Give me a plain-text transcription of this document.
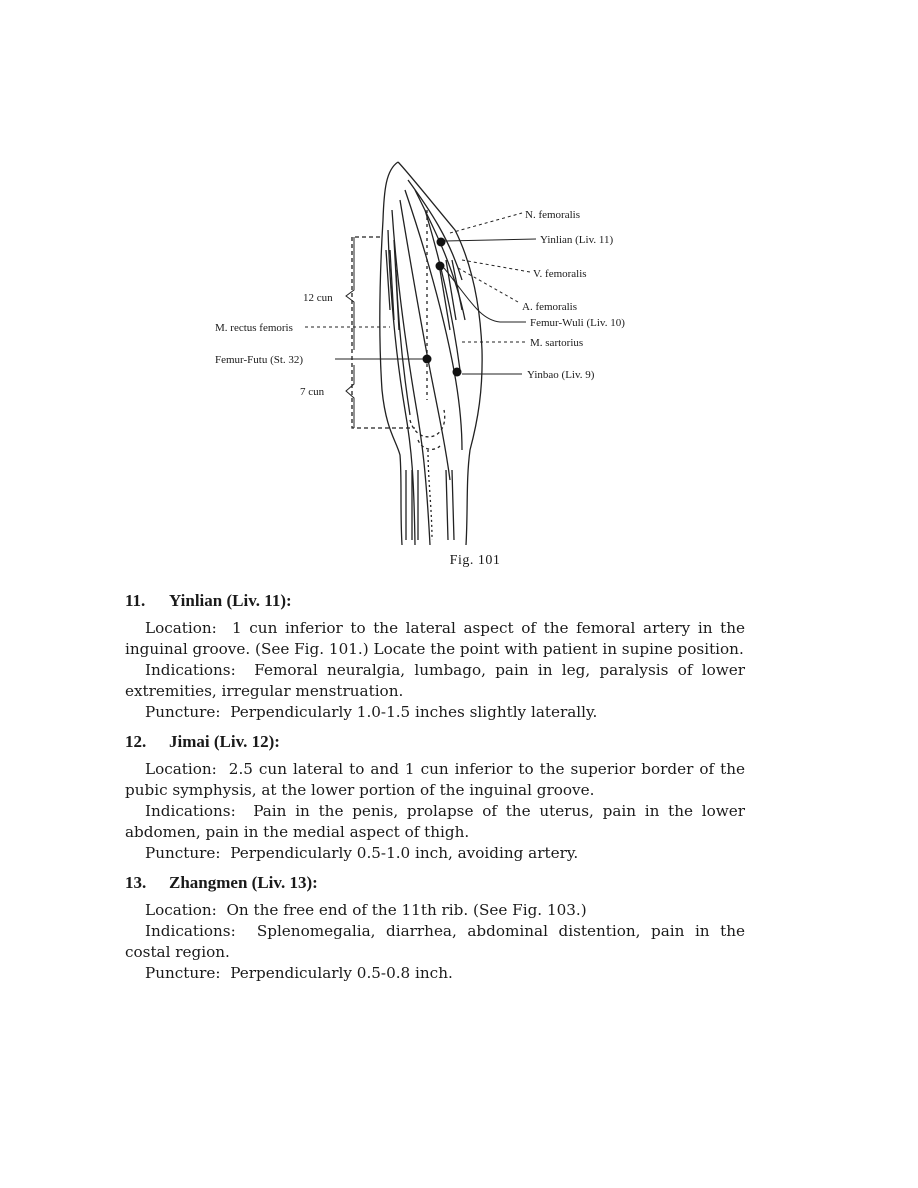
N. femoralis
Yinlian (Liv. 11)
V. femoralis
A. femoralis
Femur-Wuli (Liv. 10)
M. sartorius
Yinbao (Liv. 9)
12 cun
M. rectus femoris
Femur-Futu (St. 32)
7 cun
Fig. 101
11. Yinlian (Liv. 11):

Location: 1 cun inferior to the lateral aspect of the femoral artery in the inguinal groove. (See Fig. 101.) Locate the point with patient in supine position.

Indications: Femoral neuralgia, lumbago, pain in leg, paralysis of lower extremities, irregular menstruation.

Puncture: Perpendicularly 1.0-1.5 inches slightly laterally.

12. Jimai (Liv. 12):

Location: 2.5 cun lateral to and 1 cun inferior to the superior border of the pubic symphysis, at the lower portion of the inguinal groove.

Indications: Pain in the penis, prolapse of the uterus, pain in the lower abdomen, pain in the medial aspect of thigh.

Puncture: Perpendicularly 0.5-1.0 inch, avoiding artery.

13. Zhangmen (Liv. 13):

Location: On the free end of the 11th rib. (See Fig. 103.)

Indications: Splenomegalia, diarrhea, abdominal distention, pain in the costal region.

Puncture: Perpendicularly 0.5-0.8 inch.
